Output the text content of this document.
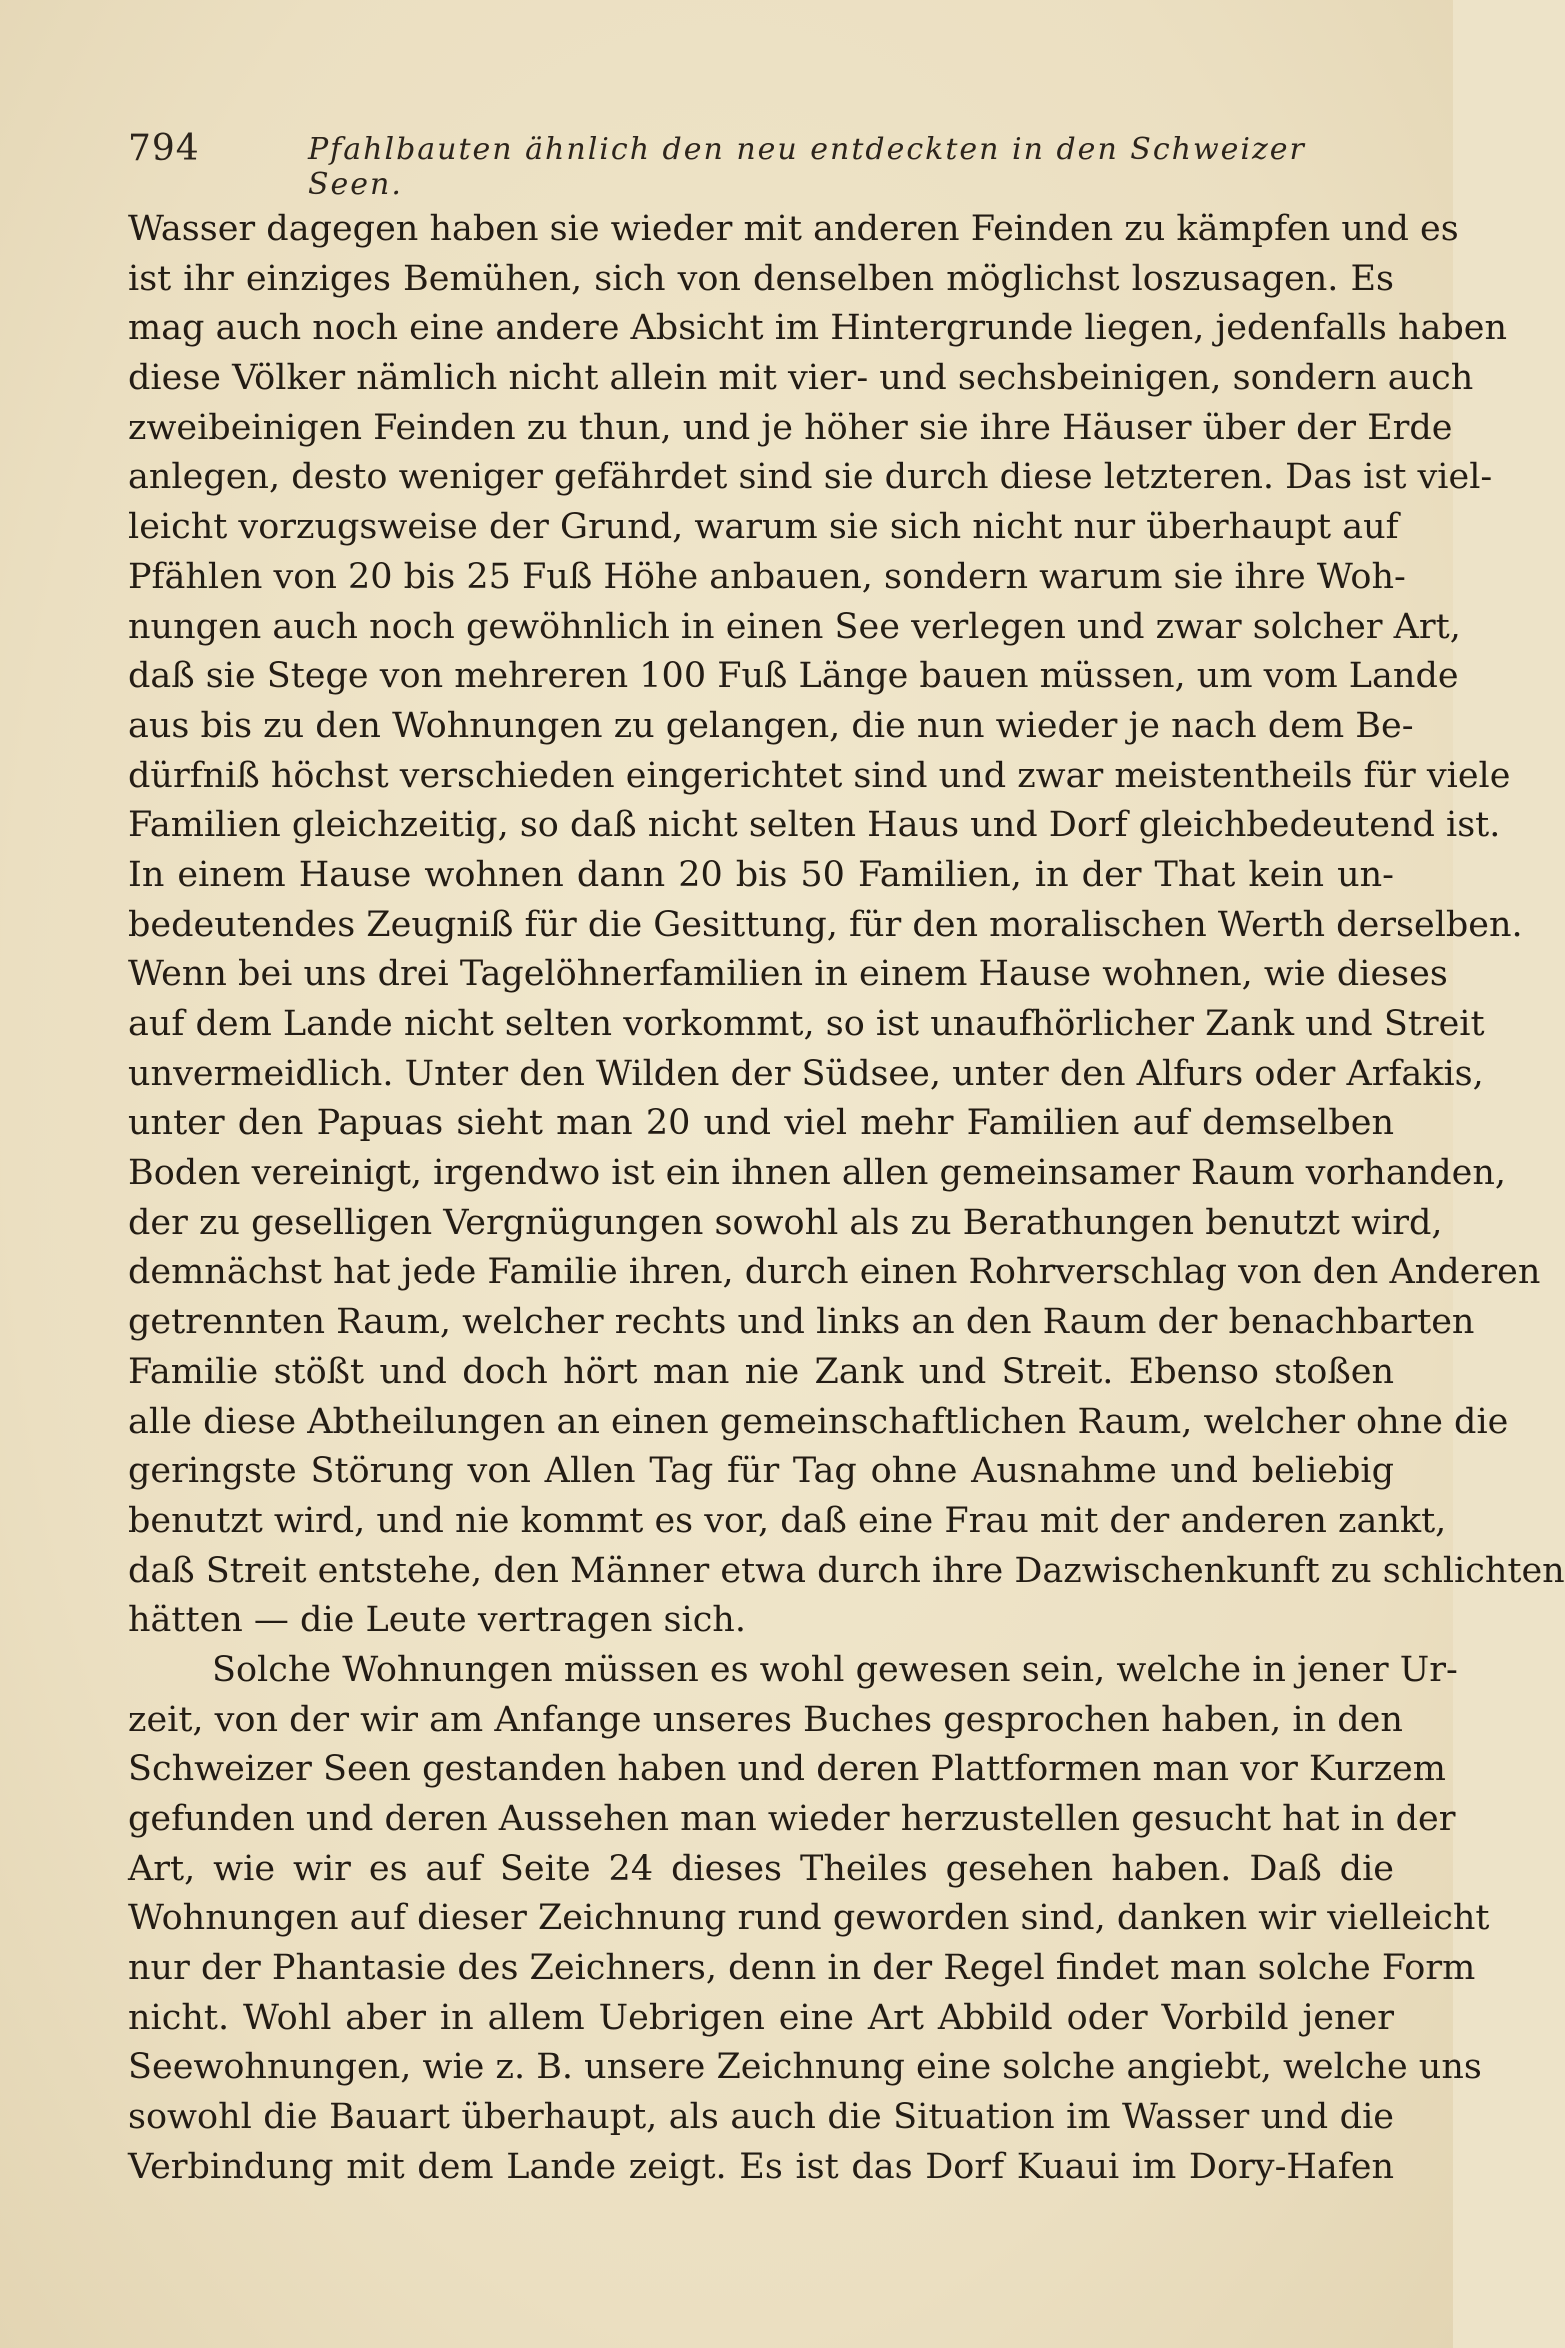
794	Pfahlbauten ähnlich den neu entdeckten in den Schweizer Seen.
Wasser dagegen haben sie wieder mit anderen Feinden zu kämpfen und es
ist ihr einziges Bemühen, sich von denselben möglichst loszusagen. Es
mag auch noch eine andere Absicht im Hintergrunde liegen, jedenfalls haben
diese Völker nämlich nicht allein mit vier- und sechsbeinigen, sondern auch
zweibeinigen Feinden zu thun, und je höher sie ihre Häuser über der Erde
anlegen, desto weniger gefährdet sind sie durch diese letzteren. Das ist viel-
leicht vorzugsweise der Grund, warum sie sich nicht nur überhaupt auf
Pfählen von 20 bis 25 Fuß Höhe anbauen, sondern warum sie ihre Woh-
nungen auch noch gewöhnlich in einen See verlegen und zwar solcher Art,
daß sie Stege von mehreren 100 Fuß Länge bauen müssen, um vom Lande
aus bis zu den Wohnungen zu gelangen, die nun wieder je nach dem Be-
dürfniß höchst verschieden eingerichtet sind und zwar meistentheils für viele
Familien gleichzeitig, so daß nicht selten Haus und Dorf gleichbedeutend ist.
In einem Hause wohnen dann 20 bis 50 Familien, in der That kein un-
bedeutendes Zeugniß für die Gesittung, für den moralischen Werth derselben.
Wenn bei uns drei Tagelöhnerfamilien in einem Hause wohnen, wie dieses
auf dem Lande nicht selten vorkommt, so ist unaufhörlicher Zank und Streit
unvermeidlich. Unter den Wilden der Südsee, unter den Alfurs oder Arfakis,
unter den Papuas sieht man 20 und viel mehr Familien auf demselben
Boden vereinigt, irgendwo ist ein ihnen allen gemeinsamer Raum vorhanden,
der zu geselligen Vergnügungen sowohl als zu Berathungen benutzt wird,
demnächst hat jede Familie ihren, durch einen Rohrverschlag von den Anderen
getrennten Raum, welcher rechts und links an den Raum der benachbarten
Familie stößt und doch hört man nie Zank und Streit. Ebenso stoßen
alle diese Abtheilungen an einen gemeinschaftlichen Raum, welcher ohne die
geringste Störung von Allen Tag für Tag ohne Ausnahme und beliebig
benutzt wird, und nie kommt es vor, daß eine Frau mit der anderen zankt,
daß Streit entstehe, den Männer etwa durch ihre Dazwischenkunft zu schlichten
hätten — die Leute vertragen sich.
Solche Wohnungen müssen es wohl gewesen sein, welche in jener Ur-
zeit, von der wir am Anfange unseres Buches gesprochen haben, in den
Schweizer Seen gestanden haben und deren Plattformen man vor Kurzem
gefunden und deren Aussehen man wieder herzustellen gesucht hat in der
Art, wie wir es auf Seite 24 dieses Theiles gesehen haben. Daß die
Wohnungen auf dieser Zeichnung rund geworden sind, danken wir vielleicht
nur der Phantasie des Zeichners, denn in der Regel findet man solche Form
nicht. Wohl aber in allem Uebrigen eine Art Abbild oder Vorbild jener
Seewohnungen, wie z. B. unsere Zeichnung eine solche angiebt, welche uns
sowohl die Bauart überhaupt, als auch die Situation im Wasser und die
Verbindung mit dem Lande zeigt. Es ist das Dorf Kuaui im Dory-Hafen
